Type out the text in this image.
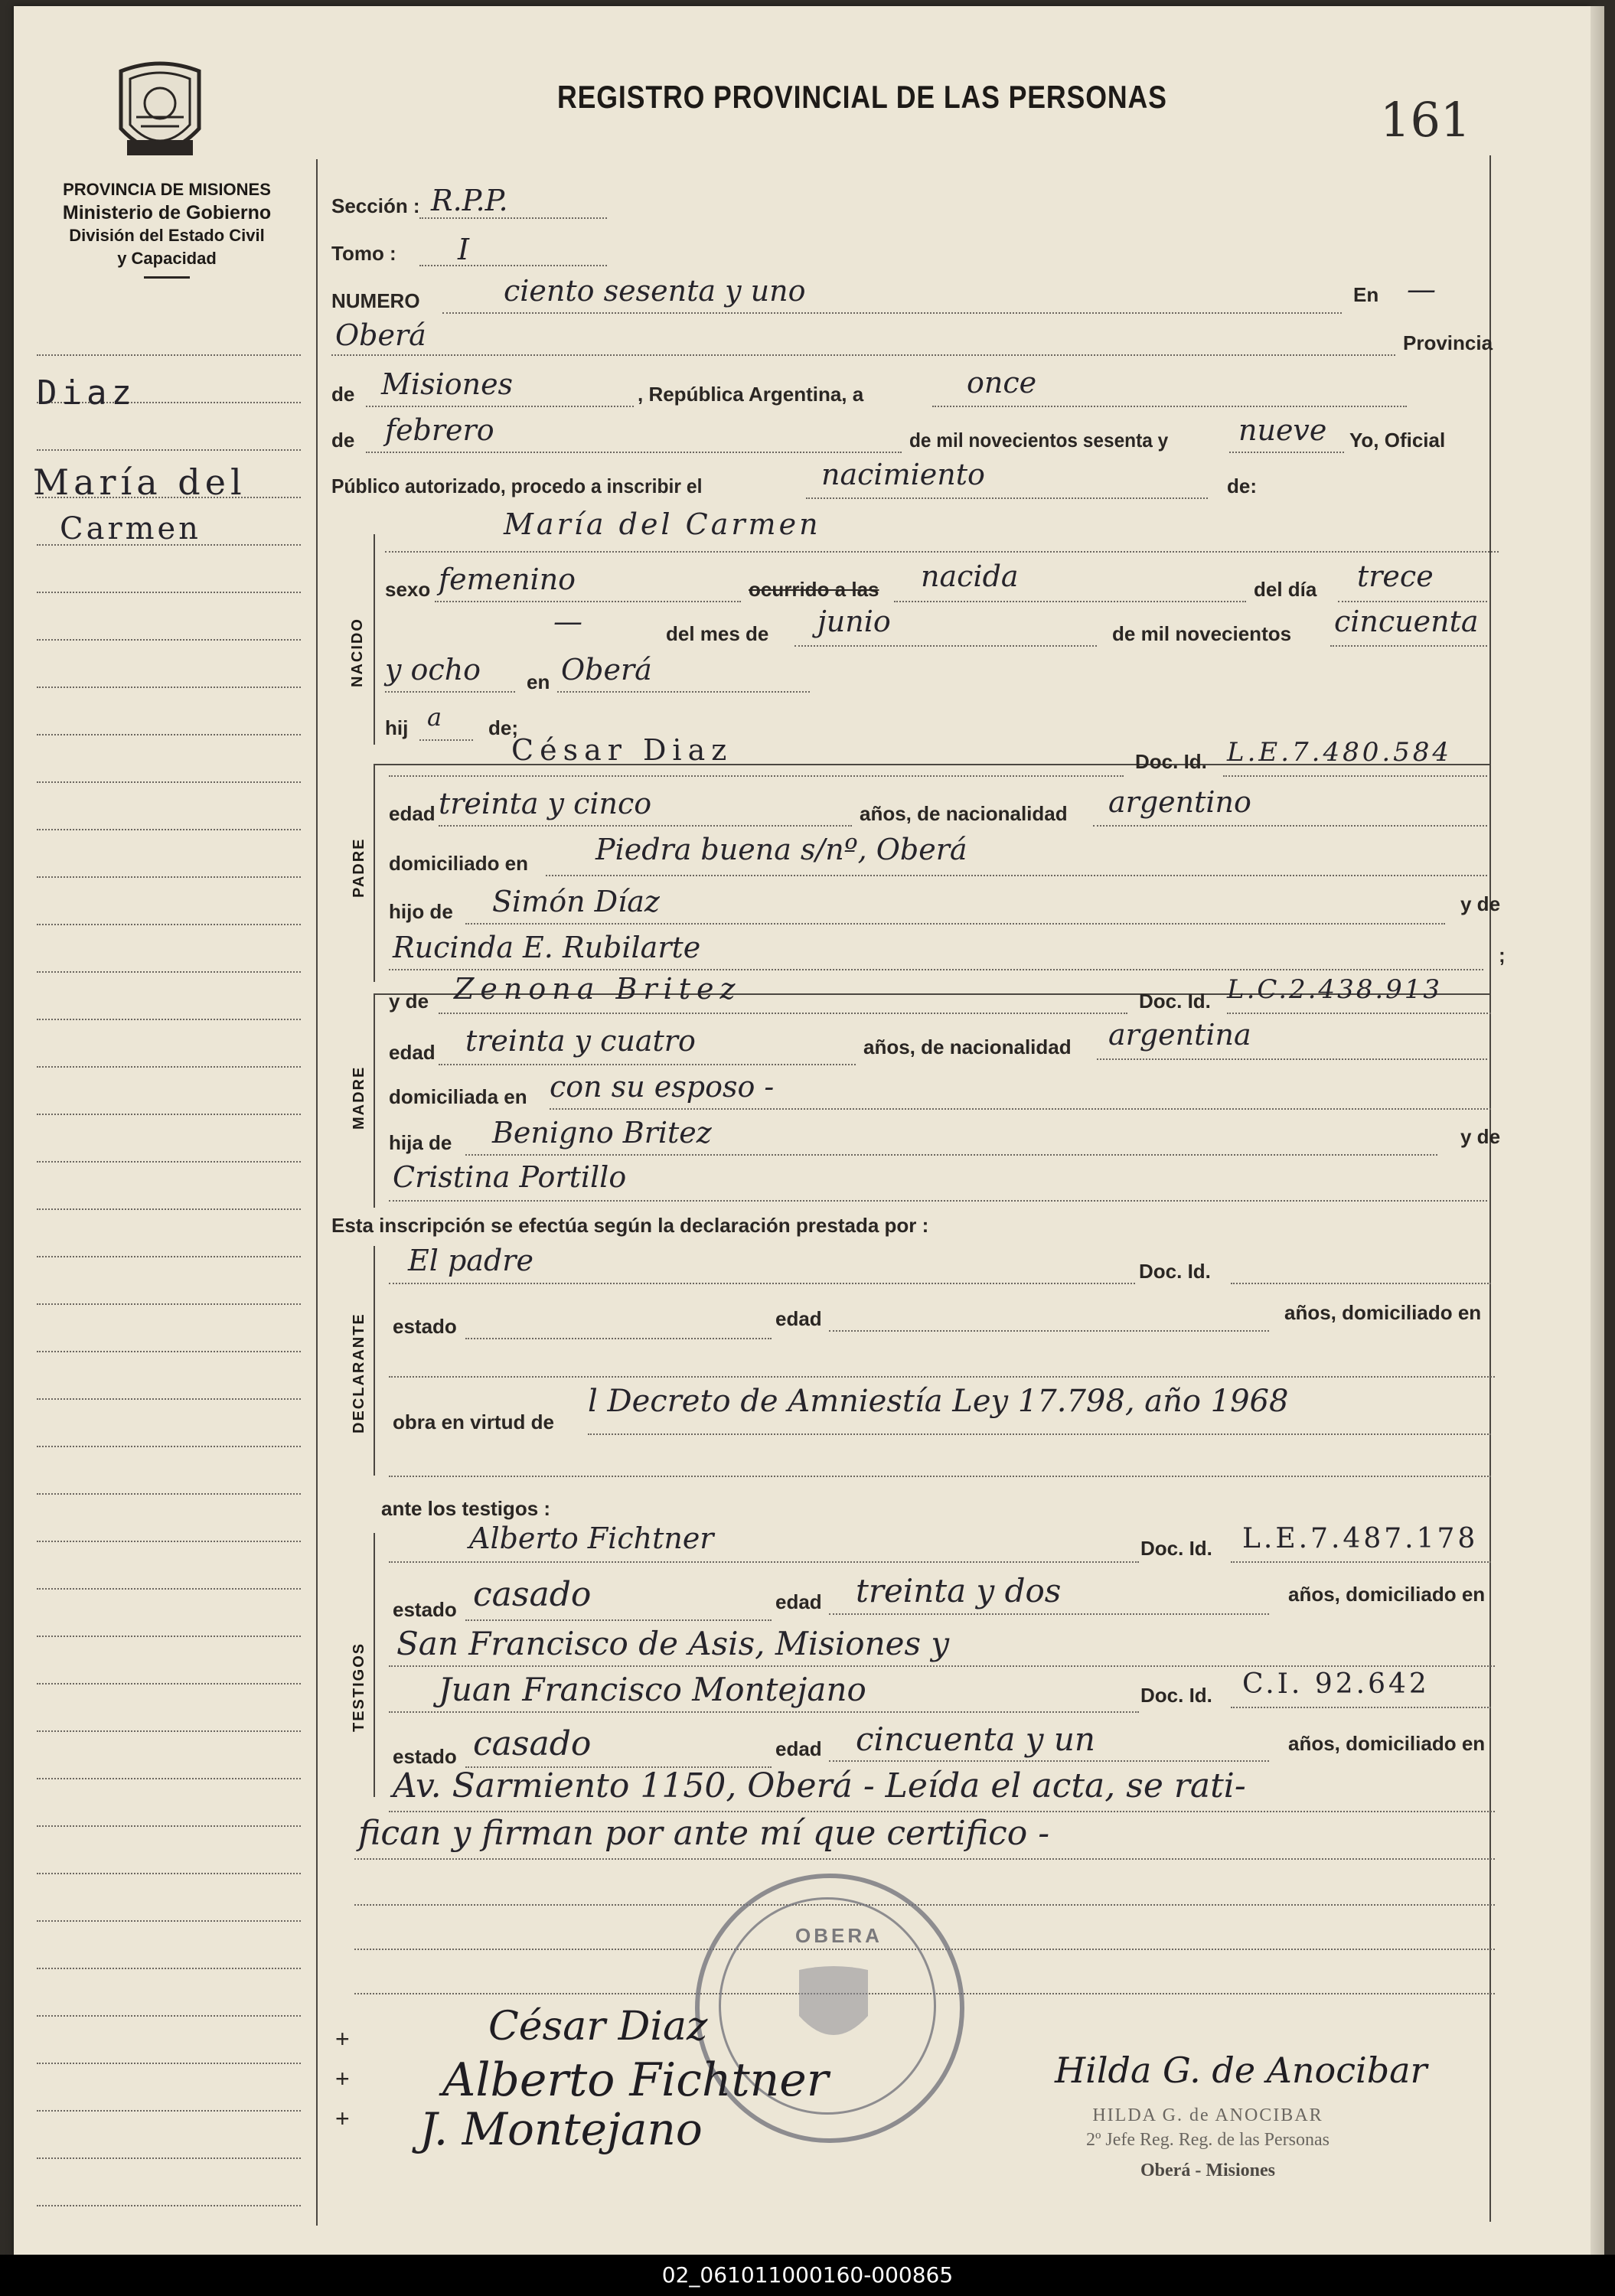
REGISTRO PROVINCIAL DE LAS PERSONAS	161
PROVINCIA DE MISIONES
Ministerio de Gobierno
División del Estado Civil
y Capacidad
Diaz
María del
Carmen
Sección : R.P.P.
Tomo : I
NUMERO	ciento sesenta y uno	En —
Oberá	Provincia
de Misiones	, República Argentina, a	once
de febrero	de mil novecientos sesenta y nueve Yo, Oficial
Público autorizado, procedo a inscribir el	nacimiento	de:
NACIDO
María del Carmen
sexo femenino	ocurrido a las nacida	del día trece
—	del mes de junio	de mil novecientos cincuenta
y ocho en Oberá
hij a de;
PADRE
César Diaz	Doc. Id. L.E.7.480.584
edad treinta y cinco	años, de nacionalidad argentino
domiciliado en Piedra buena s/nº, Oberá
hijo de Simón Díaz	y de
Rucinda E. Rubilarte	;
MADRE
y de Zenona Britez	Doc. Id. L.C.2.438.913
edad treinta y cuatro	años, de nacionalidad argentina
domiciliada en con su esposo -
hija de Benigno Britez	y de
Cristina Portillo
Esta inscripción se efectúa según la declaración prestada por :
DECLARANTE
El padre	Doc. Id.
estado	edad	años, domiciliado en
obra en virtud de
l Decreto de Amniestía Ley 17.798, año 1968
ante los testigos :
TESTIGOS
Alberto Fichtner	Doc. Id. L.E.7.487.178
estado casado	edad treinta y dos	años, domiciliado en
San Francisco de Asis, Misiones y
Juan Francisco Montejano	Doc. Id. C.I. 92.642
estado casado	edad cincuenta y un	años, domiciliado en
Av. Sarmiento 1150, Oberá - Leída el acta, se rati-
fican y firman por ante mí que certifico -
OBERA
+
+
+
César Diaz
Alberto Fichtner
J. Montejano
Hilda G. de Anocibar
HILDA G. de ANOCIBAR
2º Jefe Reg. Reg. de las Personas
Oberá - Misiones
02_061011000160-000865
